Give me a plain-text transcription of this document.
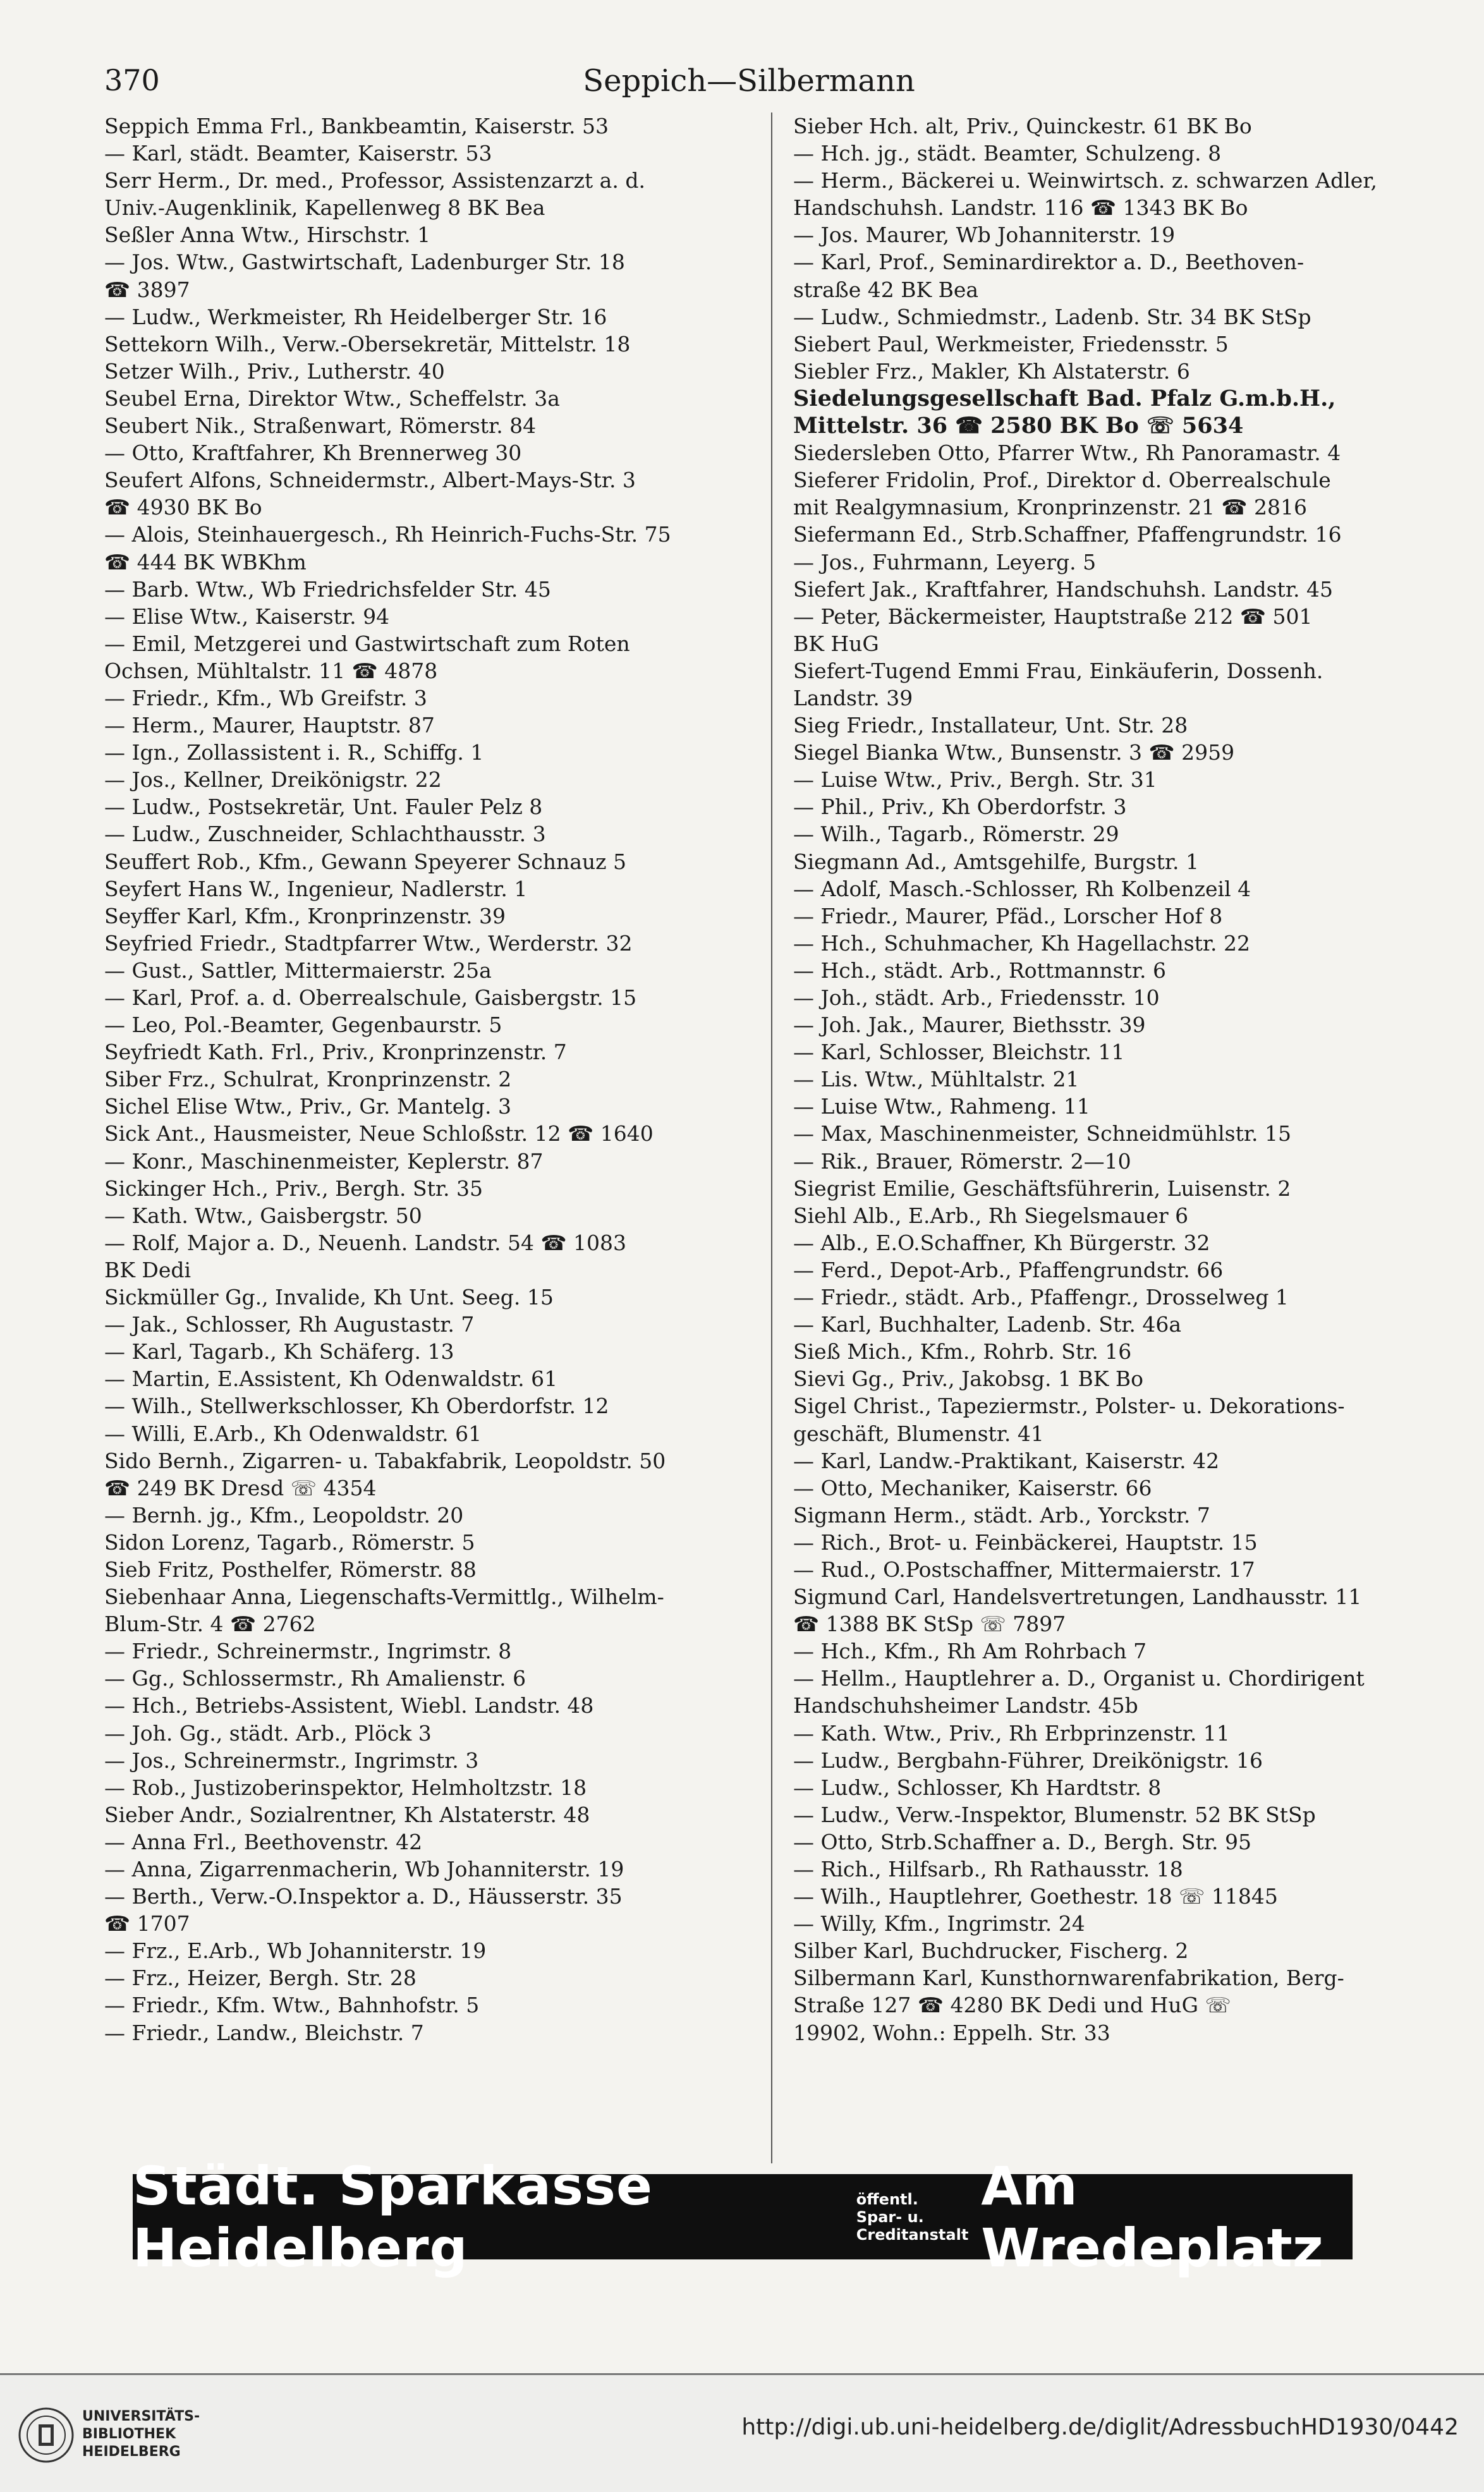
370	Seppich—Silbermann
Seppich Emma Frl., Bankbeamtin, Kaiserstr. 53
— Karl, städt. Beamter, Kaiserstr. 53
Serr Herm., Dr. med., Professor, Assistenzarzt a. d.
Univ.-Augenklinik, Kapellenweg 8 BK Bea
Seßler Anna Wtw., Hirschstr. 1
— Jos. Wtw., Gastwirtschaft, Ladenburger Str. 18
☎ 3897
— Ludw., Werkmeister, Rh Heidelberger Str. 16
Settekorn Wilh., Verw.-Obersekretär, Mittelstr. 18
Setzer Wilh., Priv., Lutherstr. 40
Seubel Erna, Direktor Wtw., Scheffelstr. 3a
Seubert Nik., Straßenwart, Römerstr. 84
— Otto, Kraftfahrer, Kh Brennerweg 30
Seufert Alfons, Schneidermstr., Albert-Mays-Str. 3
☎ 4930 BK Bo
— Alois, Steinhauergesch., Rh Heinrich-Fuchs-Str. 75
☎ 444 BK WBKhm
— Barb. Wtw., Wb Friedrichsfelder Str. 45
— Elise Wtw., Kaiserstr. 94
— Emil, Metzgerei und Gastwirtschaft zum Roten
Ochsen, Mühltalstr. 11 ☎ 4878
— Friedr., Kfm., Wb Greifstr. 3
— Herm., Maurer, Hauptstr. 87
— Ign., Zollassistent i. R., Schiffg. 1
— Jos., Kellner, Dreikönigstr. 22
— Ludw., Postsekretär, Unt. Fauler Pelz 8
— Ludw., Zuschneider, Schlachthausstr. 3
Seuffert Rob., Kfm., Gewann Speyerer Schnauz 5
Seyfert Hans W., Ingenieur, Nadlerstr. 1
Seyffer Karl, Kfm., Kronprinzenstr. 39
Seyfried Friedr., Stadtpfarrer Wtw., Werderstr. 32
— Gust., Sattler, Mittermaierstr. 25a
— Karl, Prof. a. d. Oberrealschule, Gaisbergstr. 15
— Leo, Pol.-Beamter, Gegenbaurstr. 5
Seyfriedt Kath. Frl., Priv., Kronprinzenstr. 7
Siber Frz., Schulrat, Kronprinzenstr. 2
Sichel Elise Wtw., Priv., Gr. Mantelg. 3
Sick Ant., Hausmeister, Neue Schloßstr. 12 ☎ 1640
— Konr., Maschinenmeister, Keplerstr. 87
Sickinger Hch., Priv., Bergh. Str. 35
— Kath. Wtw., Gaisbergstr. 50
— Rolf, Major a. D., Neuenh. Landstr. 54 ☎ 1083
BK Dedi
Sickmüller Gg., Invalide, Kh Unt. Seeg. 15
— Jak., Schlosser, Rh Augustastr. 7
— Karl, Tagarb., Kh Schäferg. 13
— Martin, E.Assistent, Kh Odenwaldstr. 61
— Wilh., Stellwerkschlosser, Kh Oberdorfstr. 12
— Willi, E.Arb., Kh Odenwaldstr. 61
Sido Bernh., Zigarren- u. Tabakfabrik, Leopoldstr. 50
☎ 249 BK Dresd ☏ 4354
— Bernh. jg., Kfm., Leopoldstr. 20
Sidon Lorenz, Tagarb., Römerstr. 5
Sieb Fritz, Posthelfer, Römerstr. 88
Siebenhaar Anna, Liegenschafts-Vermittlg., Wilhelm-
Blum-Str. 4 ☎ 2762
— Friedr., Schreinermstr., Ingrimstr. 8
— Gg., Schlossermstr., Rh Amalienstr. 6
— Hch., Betriebs-Assistent, Wiebl. Landstr. 48
— Joh. Gg., städt. Arb., Plöck 3
— Jos., Schreinermstr., Ingrimstr. 3
— Rob., Justizoberinspektor, Helmholtzstr. 18
Sieber Andr., Sozialrentner, Kh Alstaterstr. 48
— Anna Frl., Beethovenstr. 42
— Anna, Zigarrenmacherin, Wb Johanniterstr. 19
— Berth., Verw.-O.Inspektor a. D., Häusserstr. 35
☎ 1707
— Frz., E.Arb., Wb Johanniterstr. 19
— Frz., Heizer, Bergh. Str. 28
— Friedr., Kfm. Wtw., Bahnhofstr. 5
— Friedr., Landw., Bleichstr. 7
Sieber Hch. alt, Priv., Quinckestr. 61 BK Bo
— Hch. jg., städt. Beamter, Schulzeng. 8
— Herm., Bäckerei u. Weinwirtsch. z. schwarzen Adler,
Handschuhsh. Landstr. 116 ☎ 1343 BK Bo
— Jos. Maurer, Wb Johanniterstr. 19
— Karl, Prof., Seminardirektor a. D., Beethoven-
straße 42 BK Bea
— Ludw., Schmiedmstr., Ladenb. Str. 34 BK StSp
Siebert Paul, Werkmeister, Friedensstr. 5
Siebler Frz., Makler, Kh Alstaterstr. 6
Siedelungsgesellschaft Bad. Pfalz G.m.b.H.,
Mittelstr. 36 ☎ 2580 BK Bo ☏ 5634
Siedersleben Otto, Pfarrer Wtw., Rh Panoramastr. 4
Sieferer Fridolin, Prof., Direktor d. Oberrealschule
mit Realgymnasium, Kronprinzenstr. 21 ☎ 2816
Siefermann Ed., Strb.Schaffner, Pfaffengrundstr. 16
— Jos., Fuhrmann, Leyerg. 5
Siefert Jak., Kraftfahrer, Handschuhsh. Landstr. 45
— Peter, Bäckermeister, Hauptstraße 212 ☎ 501
BK HuG
Siefert-Tugend Emmi Frau, Einkäuferin, Dossenh.
Landstr. 39
Sieg Friedr., Installateur, Unt. Str. 28
Siegel Bianka Wtw., Bunsenstr. 3 ☎ 2959
— Luise Wtw., Priv., Bergh. Str. 31
— Phil., Priv., Kh Oberdorfstr. 3
— Wilh., Tagarb., Römerstr. 29
Siegmann Ad., Amtsgehilfe, Burgstr. 1
— Adolf, Masch.-Schlosser, Rh Kolbenzeil 4
— Friedr., Maurer, Pfäd., Lorscher Hof 8
— Hch., Schuhmacher, Kh Hagellachstr. 22
— Hch., städt. Arb., Rottmannstr. 6
— Joh., städt. Arb., Friedensstr. 10
— Joh. Jak., Maurer, Biethsstr. 39
— Karl, Schlosser, Bleichstr. 11
— Lis. Wtw., Mühltalstr. 21
— Luise Wtw., Rahmeng. 11
— Max, Maschinenmeister, Schneidmühlstr. 15
— Rik., Brauer, Römerstr. 2—10
Siegrist Emilie, Geschäftsführerin, Luisenstr. 2
Siehl Alb., E.Arb., Rh Siegelsmauer 6
— Alb., E.O.Schaffner, Kh Bürgerstr. 32
— Ferd., Depot-Arb., Pfaffengrundstr. 66
— Friedr., städt. Arb., Pfaffengr., Drosselweg 1
— Karl, Buchhalter, Ladenb. Str. 46a
Sieß Mich., Kfm., Rohrb. Str. 16
Sievi Gg., Priv., Jakobsg. 1 BK Bo
Sigel Christ., Tapeziermstr., Polster- u. Dekorations-
geschäft, Blumenstr. 41
— Karl, Landw.-Praktikant, Kaiserstr. 42
— Otto, Mechaniker, Kaiserstr. 66
Sigmann Herm., städt. Arb., Yorckstr. 7
— Rich., Brot- u. Feinbäckerei, Hauptstr. 15
— Rud., O.Postschaffner, Mittermaierstr. 17
Sigmund Carl, Handelsvertretungen, Landhausstr. 11
☎ 1388 BK StSp ☏ 7897
— Hch., Kfm., Rh Am Rohrbach 7
— Hellm., Hauptlehrer a. D., Organist u. Chordirigent
Handschuhsheimer Landstr. 45b
— Kath. Wtw., Priv., Rh Erbprinzenstr. 11
— Ludw., Bergbahn-Führer, Dreikönigstr. 16
— Ludw., Schlosser, Kh Hardtstr. 8
— Ludw., Verw.-Inspektor, Blumenstr. 52 BK StSp
— Otto, Strb.Schaffner a. D., Bergh. Str. 95
— Rich., Hilfsarb., Rh Rathausstr. 18
— Wilh., Hauptlehrer, Goethestr. 18 ☏ 11845
— Willy, Kfm., Ingrimstr. 24
Silber Karl, Buchdrucker, Fischerg. 2
Silbermann Karl, Kunsthornwarenfabrikation, Berg-
Straße 127 ☎ 4280 BK Dedi und HuG ☏
19902, Wohn.: Eppelh. Str. 33
Städt. Sparkasse Heidelberg
öffentl. Spar- u.
Creditanstalt
Am Wredeplatz
UNIVERSITÄTS-
BIBLIOTHEK
HEIDELBERG
http://digi.ub.uni-heidelberg.de/diglit/AdressbuchHD1930/0442
